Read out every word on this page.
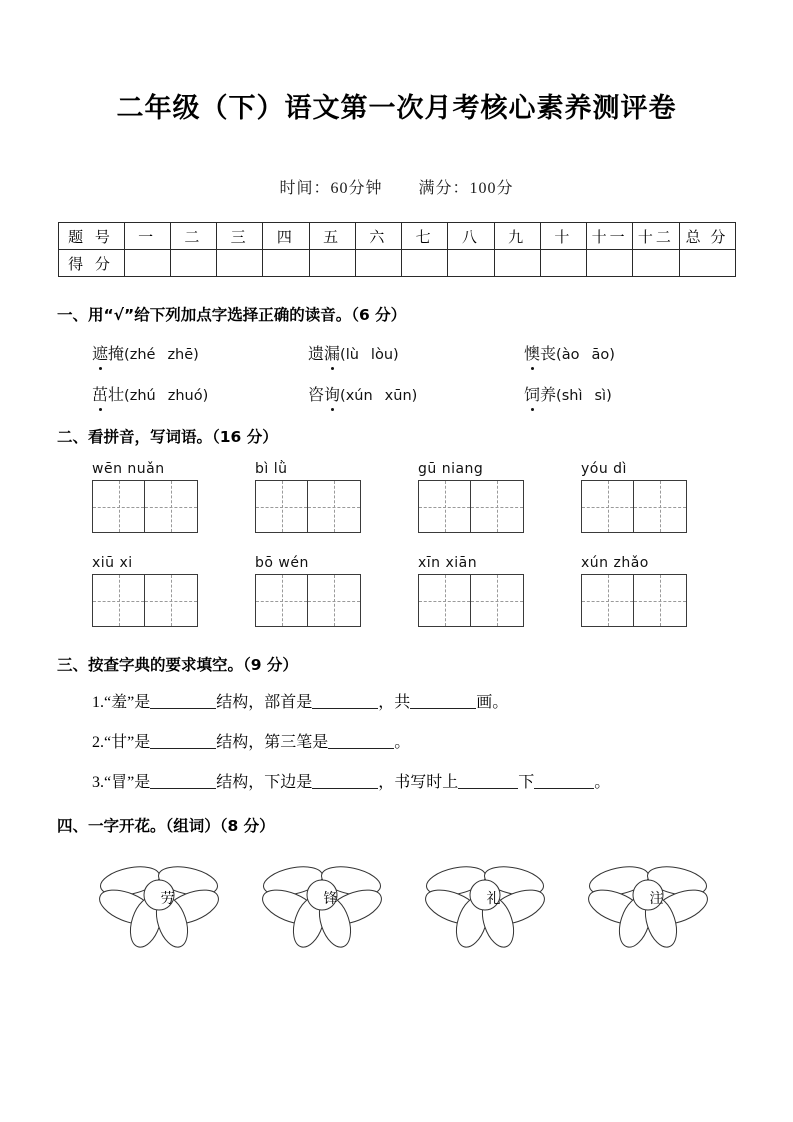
二年级（下）语文第一次月考核心素养测评卷
时间：60分钟 满分：100分
题 号	一	二	三	四	五	六	七	八	九	十	十一	十二	总 分
得 分													
一、用“√”给下列加点字选择正确的读音。（6 分）
遮掩(zhé zhē)	遗漏(lù lòu)	懊丧(ào āo)
茁壮(zhú zhuó)	咨询(xún xūn)	饲养(shì sì)
二、看拼音，写词语。（16 分）
wēn nuǎn	bì lǜ	gū niang	yóu dì
xiū xi	bō wén	xīn xiān	xún zhǎo
三、按查字典的要求填空。（9 分）
1.“羞”是	结构，部首是	，共	画。
2.“甘”是	结构，第三笔是	。
3.“冒”是	结构，下边是	，书写时上	下	。
四、一字开花。（组词）（8 分）
劳	锋	礼	注
